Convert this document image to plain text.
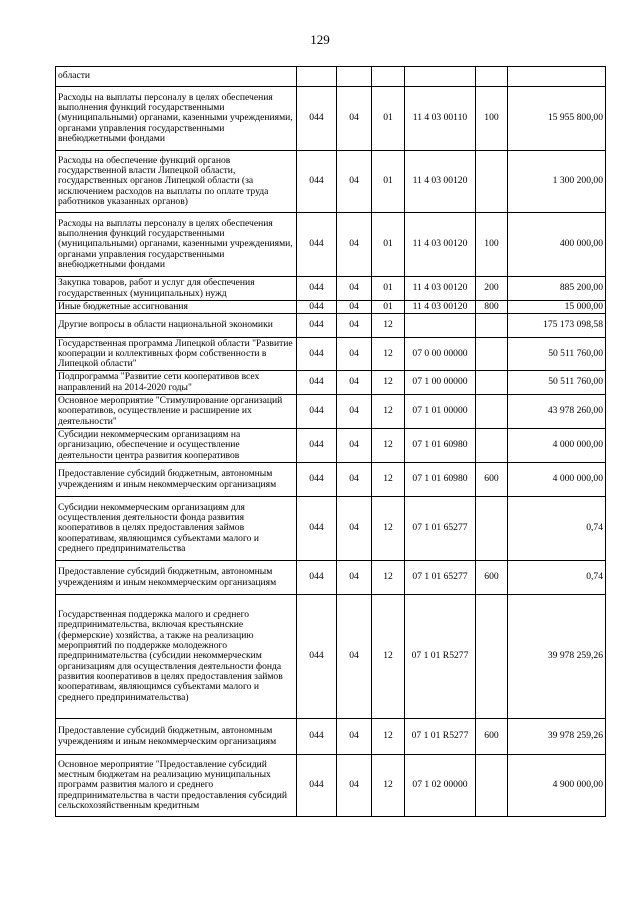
129
области						
Расходы на выплаты персоналу в целях обеспечения выполнения функций государственными (муниципальными) органами, казенными учреждениями, органами управления государственными внебюджетными фондами	044	04	01	11 4 03 00110	100	15 955 800,00
Расходы на обеспечение функций органов государственной власти Липецкой области, государственных органов Липецкой области (за исключением расходов на выплаты по оплате труда работников указанных органов)	044	04	01	11 4 03 00120		1 300 200,00
Расходы на выплаты персоналу в целях обеспечения выполнения функций государственными (муниципальными) органами, казенными учреждениями, органами управления государственными внебюджетными фондами	044	04	01	11 4 03 00120	100	400 000,00
Закупка товаров, работ и услуг для обеспечения государственных (муниципальных) нужд	044	04	01	11 4 03 00120	200	885 200,00
Иные бюджетные ассигнования	044	04	01	11 4 03 00120	800	15 000,00
Другие вопросы в области национальной экономики	044	04	12			175 173 098,58
Государственная программа Липецкой области "Развитие кооперации и коллективных форм собственности в Липецкой области"	044	04	12	07 0 00 00000		50 511 760,00
Подпрограмма "Развитие сети кооперативов всех направлений на 2014-2020 годы"	044	04	12	07 1 00 00000		50 511 760,00
Основное мероприятие "Стимулирование организаций кооперативов, осуществление и расширение их деятельности"	044	04	12	07 1 01 00000		43 978 260,00
Субсидии некоммерческим организациям на организацию, обеспечение и осуществление деятельности центра развития кооперативов	044	04	12	07 1 01 60980		4 000 000,00
Предоставление субсидий бюджетным, автономным учреждениям и иным некоммерческим организациям	044	04	12	07 1 01 60980	600	4 000 000,00
Субсидии некоммерческим организациям для осуществления деятельности фонда развития кооперативов в целях предоставления займов кооперативам, являющимся субъектами малого и среднего предпринимательства	044	04	12	07 1 01 65277		0,74
Предоставление субсидий бюджетным, автономным учреждениям и иным некоммерческим организациям	044	04	12	07 1 01 65277	600	0,74
Государственная поддержка малого и среднего предпринимательства, включая крестьянские (фермерские) хозяйства, а также на реализацию мероприятий по поддержке молодежного предпринимательства (субсидии некоммерческим организациям для осуществления деятельности фонда развития кооперативов в целях предоставления займов кооперативам, являющимся субъектами малого и среднего предпринимательства)	044	04	12	07 1 01 R5277		39 978 259,26
Предоставление субсидий бюджетным, автономным учреждениям и иным некоммерческим организациям	044	04	12	07 1 01 R5277	600	39 978 259,26
Основное мероприятие "Предоставление субсидий местным бюджетам на реализацию муниципальных программ развития малого и среднего предпринимательства в части предоставления субсидий сельскохозяйственным кредитным	044	04	12	07 1 02 00000		4 900 000,00
